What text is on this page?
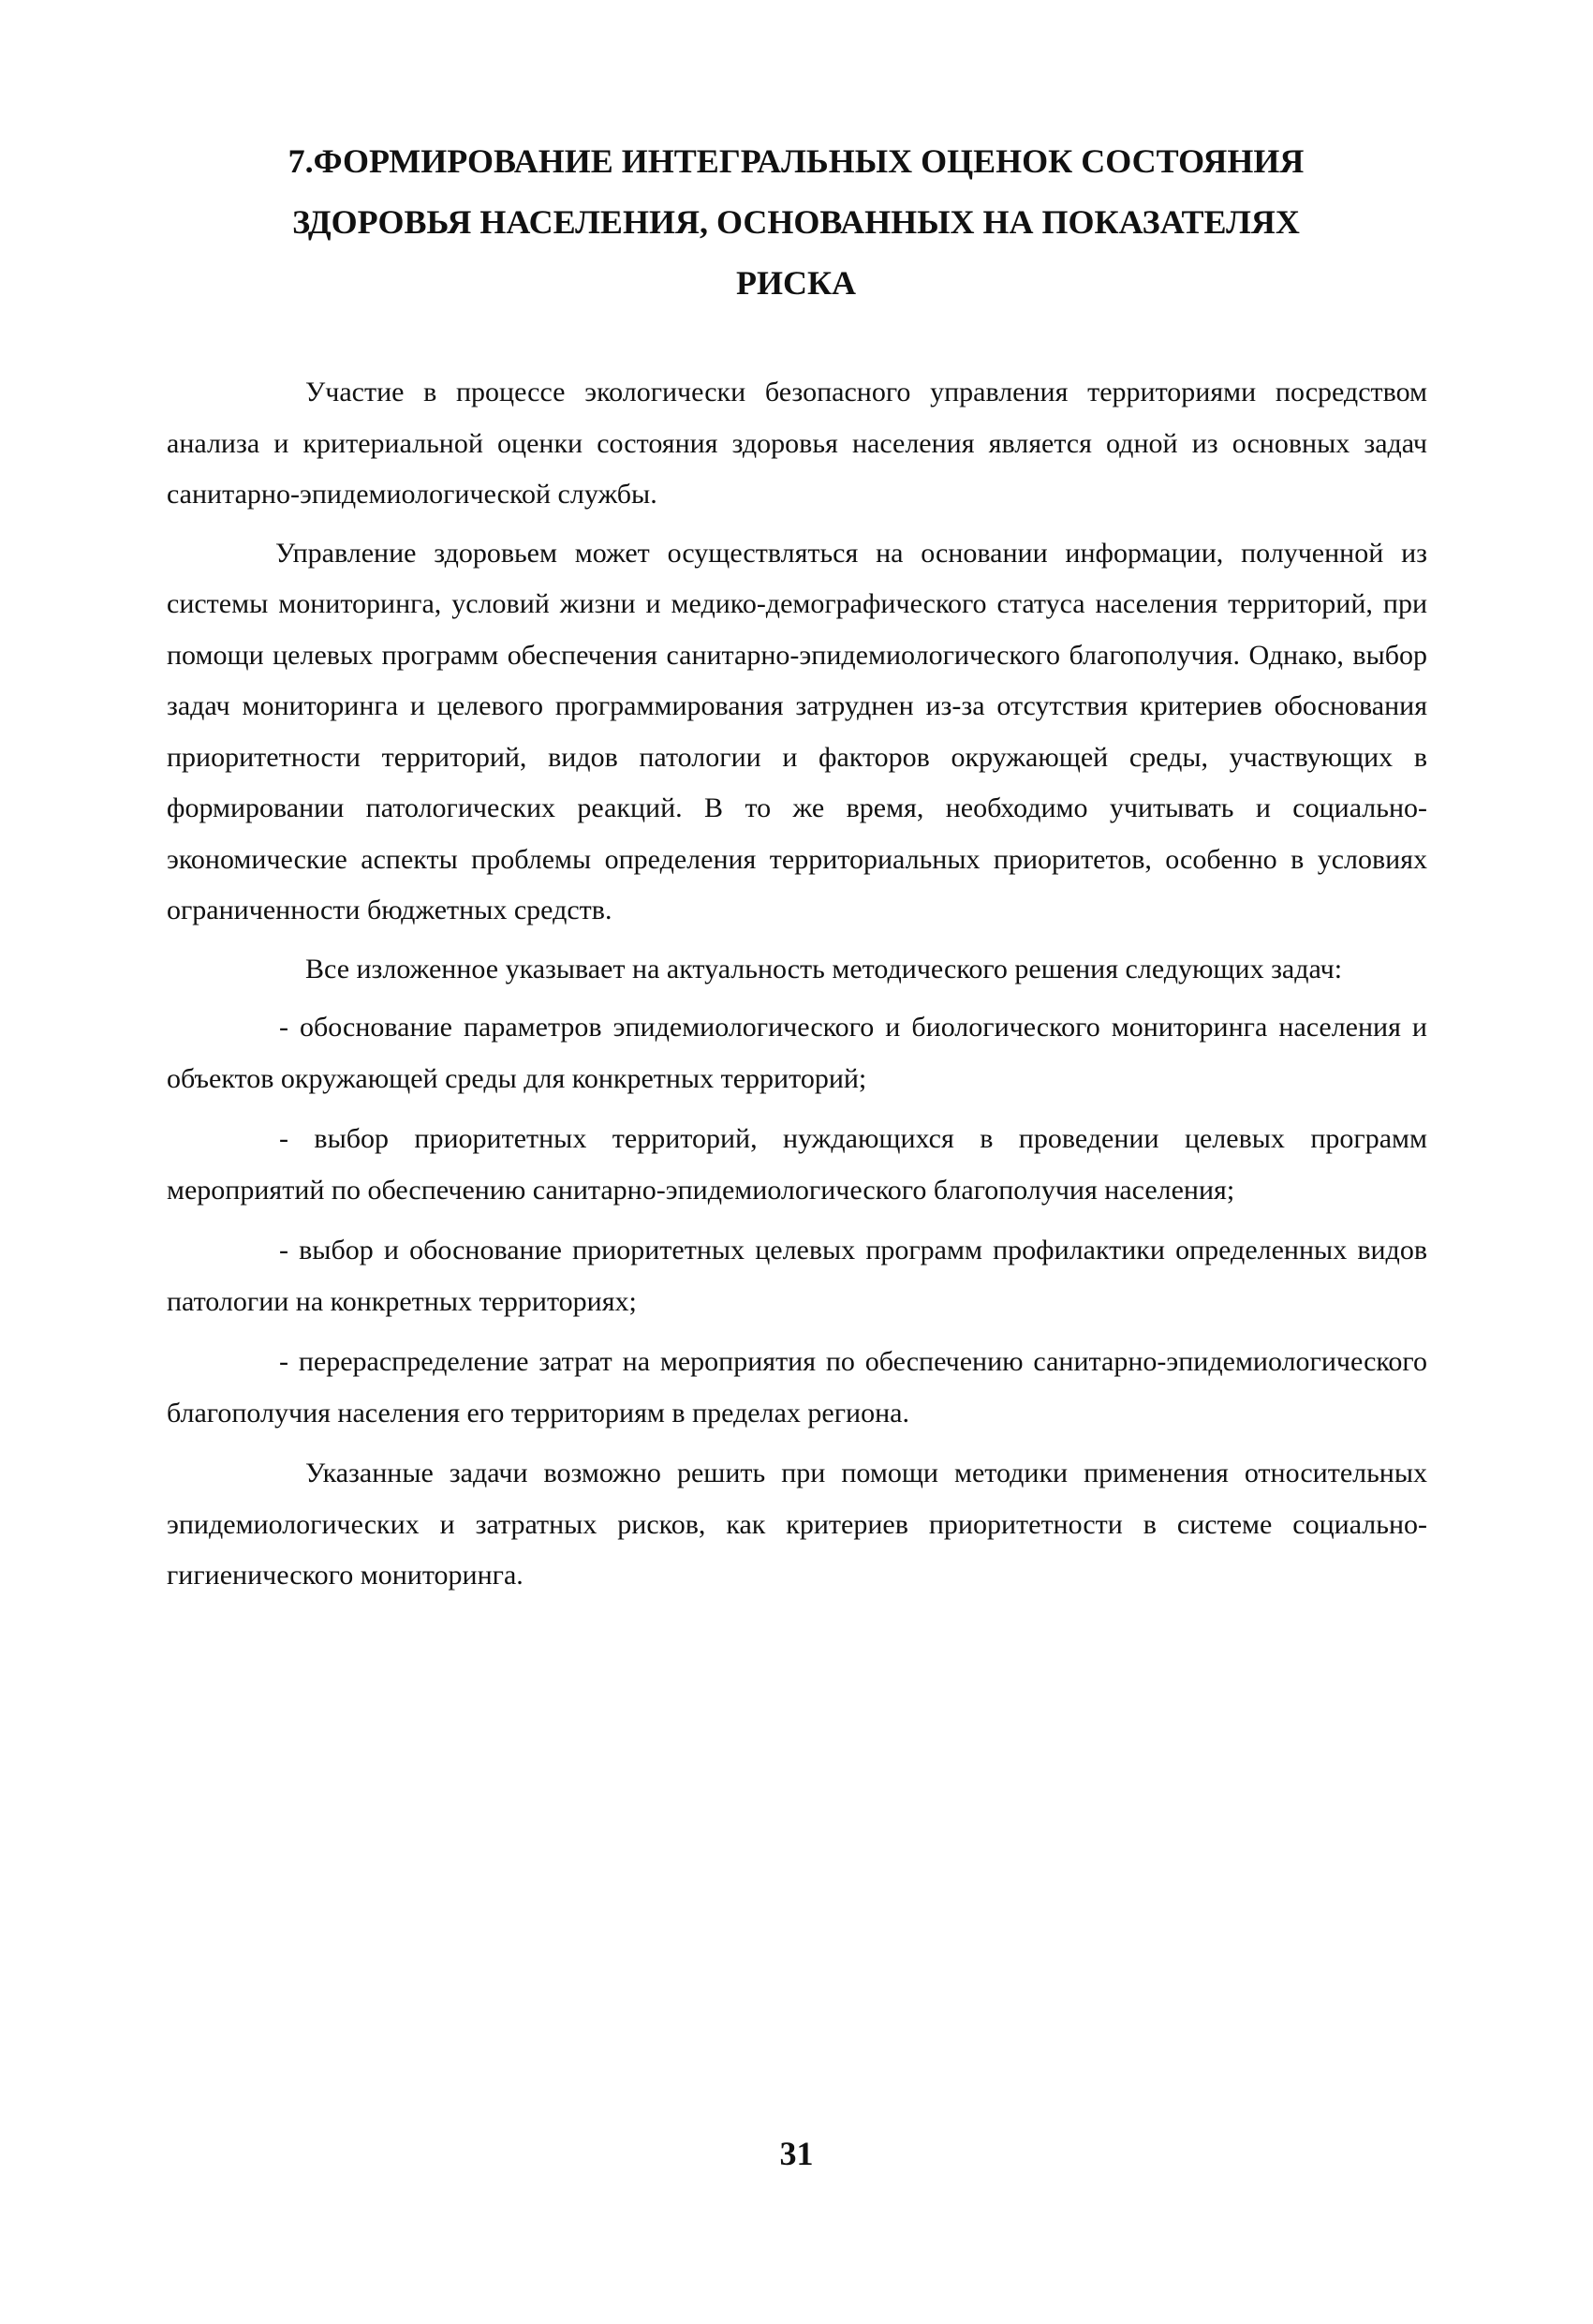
7.ФОРМИРОВАНИЕ ИНТЕГРАЛЬНЫХ ОЦЕНОК СОСТОЯНИЯ
ЗДОРОВЬЯ НАСЕЛЕНИЯ, ОСНОВАННЫХ НА ПОКАЗАТЕЛЯХ
РИСКА

Участие в процессе экологически безопасного управления территориями посредством анализа и критериальной оценки состояния здоровья населения является одной из основных задач санитарно-эпидемиологической службы.

Управление здоровьем может осуществляться на основании информации, полученной из системы мониторинга, условий жизни и медико-демографического статуса населения территорий, при помощи целевых программ обеспечения санитарно-эпидемиологического благополучия. Однако, выбор задач мониторинга и целевого программирования затруднен из-за отсутствия критериев обоснования приоритетности территорий, видов патологии и факторов окружающей среды, участвующих в формировании патологических реакций. В то же время, необходимо учитывать и социально-экономические аспекты проблемы определения территориальных приоритетов, особенно в условиях ограниченности бюджетных средств.

Все изложенное указывает на актуальность методического решения следующих задач:

- обоснование параметров эпидемиологического и биологического мониторинга населения и объектов окружающей среды для конкретных территорий;

- выбор приоритетных территорий, нуждающихся в проведении целевых программ мероприятий по обеспечению санитарно-эпидемиологического благополучия населения;

- выбор и обоснование приоритетных целевых программ профилактики определенных видов патологии на конкретных территориях;

- перераспределение затрат на мероприятия по обеспечению санитарно-эпидемиологического благополучия населения его территориям в пределах региона.

Указанные задачи возможно решить при помощи методики применения относительных эпидемиологических и затратных рисков, как критериев приоритетности в системе социально-гигиенического мониторинга.

31
